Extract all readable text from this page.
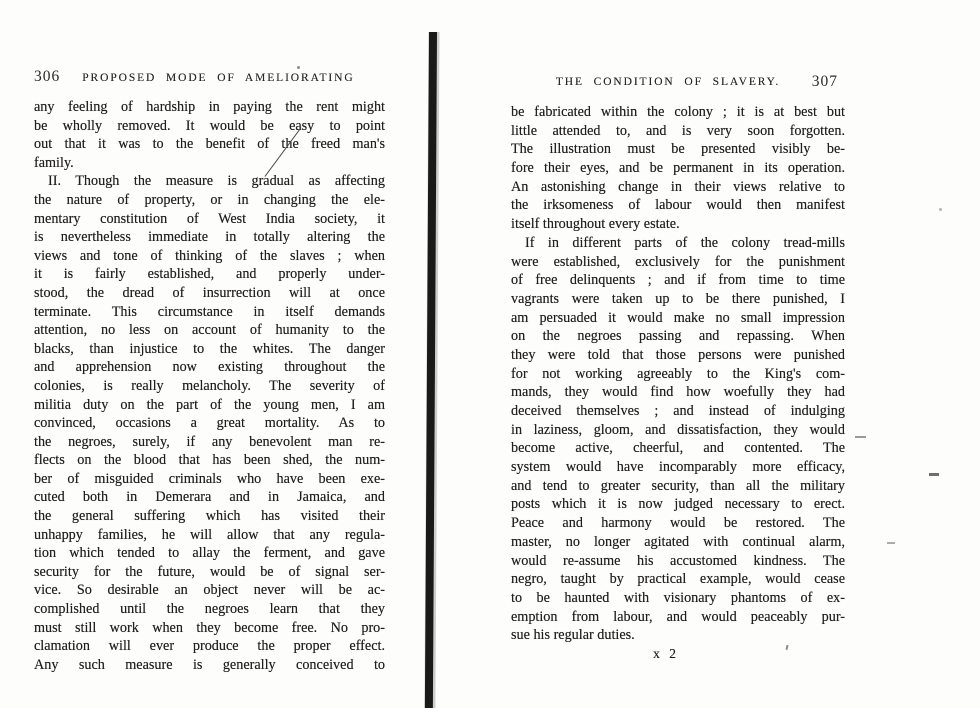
306 PROPOSED MODE OF AMELIORATING
any feeling of hardship in paying the rent might
be wholly removed. It would be easy to point
out that it was to the benefit of the freed man's
family.
II. Though the measure is gradual as affecting
the nature of property, or in changing the ele-
mentary constitution of West India society, it
is nevertheless immediate in totally altering the
views and tone of thinking of the slaves ; when
it is fairly established, and properly under-
stood, the dread of insurrection will at once
terminate. This circumstance in itself demands
attention, no less on account of humanity to the
blacks, than injustice to the whites. The danger
and apprehension now existing throughout the
colonies, is really melancholy. The severity of
militia duty on the part of the young men, I am
convinced, occasions a great mortality. As to
the negroes, surely, if any benevolent man re-
flects on the blood that has been shed, the num-
ber of misguided criminals who have been exe-
cuted both in Demerara and in Jamaica, and
the general suffering which has visited their
unhappy families, he will allow that any regula-
tion which tended to allay the ferment, and gave
security for the future, would be of signal ser-
vice. So desirable an object never will be ac-
complished until the negroes learn that they
must still work when they become free. No pro-
clamation will ever produce the proper effect.
Any such measure is generally conceived to
THE CONDITION OF SLAVERY. 307
be fabricated within the colony ; it is at best but
little attended to, and is very soon forgotten.
The illustration must be presented visibly be-
fore their eyes, and be permanent in its operation.
An astonishing change in their views relative to
the irksomeness of labour would then manifest
itself throughout every estate.
If in different parts of the colony tread-mills
were established, exclusively for the punishment
of free delinquents ; and if from time to time
vagrants were taken up to be there punished, I
am persuaded it would make no small impression
on the negroes passing and repassing. When
they were told that those persons were punished
for not working agreeably to the King's com-
mands, they would find how woefully they had
deceived themselves ; and instead of indulging
in laziness, gloom, and dissatisfaction, they would
become active, cheerful, and contented. The
system would have incomparably more efficacy,
and tend to greater security, than all the military
posts which it is now judged necessary to erect.
Peace and harmony would be restored. The
master, no longer agitated with continual alarm,
would re-assume his accustomed kindness. The
negro, taught by practical example, would cease
to be haunted with visionary phantoms of ex-
emption from labour, and would peaceably pur-
sue his regular duties.
x 2
